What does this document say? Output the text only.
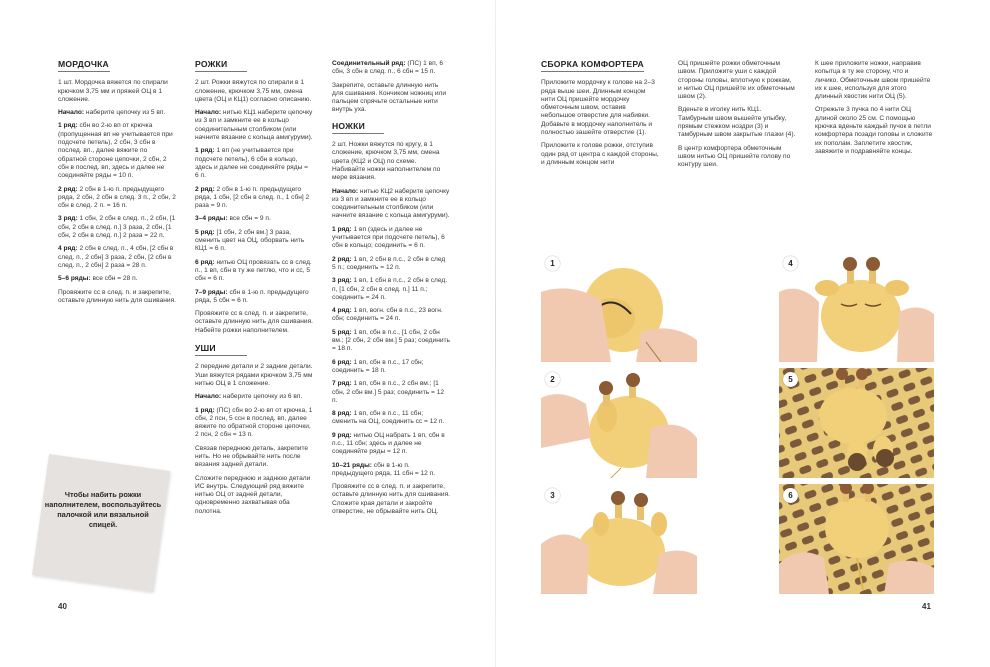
МОРДОЧКА

1 шт. Мордочка вяжется по спирали крючком 3,75 мм и пряжей ОЦ в 1 сложение.

Начало: наберите цепочку из 5 вп.

1 ряд: сбн во 2-ю вп от крючка (пропущенная вп не учитывается при подсчете петель), 2 сбн, 3 сбн в послед. вп., далее вяжите по обратной стороне цепочки, 2 сбн, 2 сбн в послед. вп, здесь и далее не соединяйте ряды = 10 п.

2 ряд: 2 сбн в 1-ю п. предыдущего ряда, 2 сбн, 2 сбн в след. 3 п., 2 сбн, 2 сбн в след. 2 п. = 16 п.

3 ряд: 1 сбн, 2 сбн в след. п., 2 сбн, [1 сбн, 2 сбн в след. п.] 3 раза, 2 сбн, [1 сбн, 2 сбн в след. п.] 2 раза = 22 п.

4 ряд: 2 сбн в след. п., 4 сбн, [2 сбн в след. п., 2 сбн] 3 раза, 2 сбн, [2 сбн в след. п., 2 сбн] 2 раза = 28 п.

5–6 ряды: все сбн = 28 п.

Провяжите сс в след. п. и закрепите, оставьте длинную нить для сшивания.

Чтобы набить рожки наполнителем, воспользуйтесь палочкой или вязальной спицей.
РОЖКИ

2 шт. Рожки вяжутся по спирали в 1 сложение, крючком 3,75 мм, смена цвета (ОЦ и КЦ1) согласно описанию.

Начало: нитью КЦ1 наберите цепочку из 3 вп и замкните ее в кольцо соединительным столбиком (или начните вязание с кольца амигуруми).

1 ряд: 1 вп (не учитывается при подсчете петель), 6 сбн в кольцо, здесь и далее не соединяйте ряды = 6 п.

2 ряд: 2 сбн в 1-ю п. предыдущего ряда, 1 сбн, [2 сбн в след. п., 1 сбн] 2 раза = 9 п.

3–4 ряды: все сбн = 9 п.

5 ряд: [1 сбн, 2 сбн вм.] 3 раза, сменить цвет на ОЦ, оборвать нить КЦ1 = 6 п.

6 ряд: нитью ОЦ провязать сс в след. п., 1 вп, сбн в ту же петлю, что и сс, 5 сбн = 6 п.

7–9 ряды: сбн в 1-ю п. предыдущего ряда, 5 сбн = 6 п.

Провяжите сс в след. п. и закрепите, оставьте длинную нить для сшивания. Набейте рожки наполнителем.

УШИ

2 передние детали и 2 задние детали. Уши вяжутся рядами крючком 3,75 мм нитью ОЦ в 1 сложение.

Начало: наберите цепочку из 6 вп.

1 ряд: (ПС) сбн во 2-ю вп от крючка, 1 сбн, 2 псн, 5 ссн в послед. вп, далее вяжите по обратной стороне цепочки, 2 псн, 2 сбн = 13 п.

Связав переднюю деталь, закрепите нить. Но не обрывайте нить после вязания задней детали.

Сложите переднюю и заднюю детали ИС внутрь. Следующий ряд вяжите нитью ОЦ от задней детали, одновременно захватывая оба полотна.

Соединительный ряд: (ПС) 1 вп, 6 сбн, 3 сбн в след. п., 6 сбн = 15 п.

Закрепите, оставьте длинную нить для сшивания. Кончиком ножниц или пальцем спрячьте остальные нити внутрь уха.

НОЖКИ

2 шт. Ножки вяжутся по кругу, в 1 сложение, крючком 3,75 мм, смена цвета (КЦ2 и ОЦ) по схеме. Набивайте ножки наполнителем по мере вязания.

Начало: нитью КЦ2 наберите цепочку из 3 вп и замкните ее в кольцо соединительным столбиком (или начните вязание с кольца амигуруми).

1 ряд: 1 вп (здесь и далее не учитывается при подсчете петель), 6 сбн в кольцо; соединить = 6 п.

2 ряд: 1 вп, 2 сбн в п.с., 2 сбн в след 5 п.; соединить = 12 п.

3 ряд: 1 вп, 1 сбн в п.с., 2 сбн в след. п, [1 сбн, 2 сбн в след. п.] 11 п.; соединить = 24 п.

4 ряд: 1 вп, вогн. сбн в п.с., 23 вогн. сбн; соединить = 24 п.

5 ряд: 1 вп, сбн в п.с., [1 сбн, 2 сбн вм.; [2 сбн, 2 сбн вм.] 5 раз; соединить = 18 п.

6 ряд: 1 вп, сбн в п.с., 17 сбн; соединить = 18 п.

7 ряд: 1 вп, сбн в п.с., 2 сбн вм.; [1 сбн, 2 сбн вм.] 5 раз; соединить = 12 п.

8 ряд: 1 вп, сбн в п.с., 11 сбн; сменить на ОЦ, соединить сс = 12 п.

9 ряд: нитью ОЦ набрать 1 вп, сбн в п.с., 11 сбн; здесь и далее не соединяйте ряды = 12 п.

10–21 ряды: сбн в 1-ю п. предыдущего ряда, 11 сбн = 12 п.

Провяжите сс в след. п. и закрепите, оставьте длинную нить для сшивания. Сложите края детали и закройте отверстие, не обрывайте нить ОЦ.

40
СБОРКА КОМФОРТЕРА

Приложите мордочку к голове на 2–3 ряда выше шеи. Длинным концом нити ОЦ пришейте мордочку обметочным швом, оставив небольшое отверстие для набивки. Добавьте в мордочку наполнитель и полностью зашейте отверстие (1).

Приложите к голове рожки, отступив один ряд от центра с каждой стороны, и длинным концом нити

ОЦ пришейте рожки обметочным швом. Приложите уши с каждой стороны головы, вплотную к рожкам, и нитью ОЦ пришейте их обметочным швом (2).

Вденьте в иголку нить КЦ1. Тамбурным швом вышейте улыбку, прямым стежком ноздри (3) и тамбурным швом закрытые глазки (4).

В центр комфортера обметочным швом нитью ОЦ пришейте голову по контуру шеи.

К шее приложите ножки, направив копытца в ту же сторону, что и личико. Обметочным швом пришейте их к шее, используя для этого длинный хвостик нити ОЦ (5).

Отрежьте 3 пучка по 4 нити ОЦ длиной около 25 см. С помощью крючка вденьте каждый пучок в петли комфортера позади головы и сложите их пополам. Заплетите хвостик, завяжите и подравняйте концы.

1
2
3
4
5
6
41
